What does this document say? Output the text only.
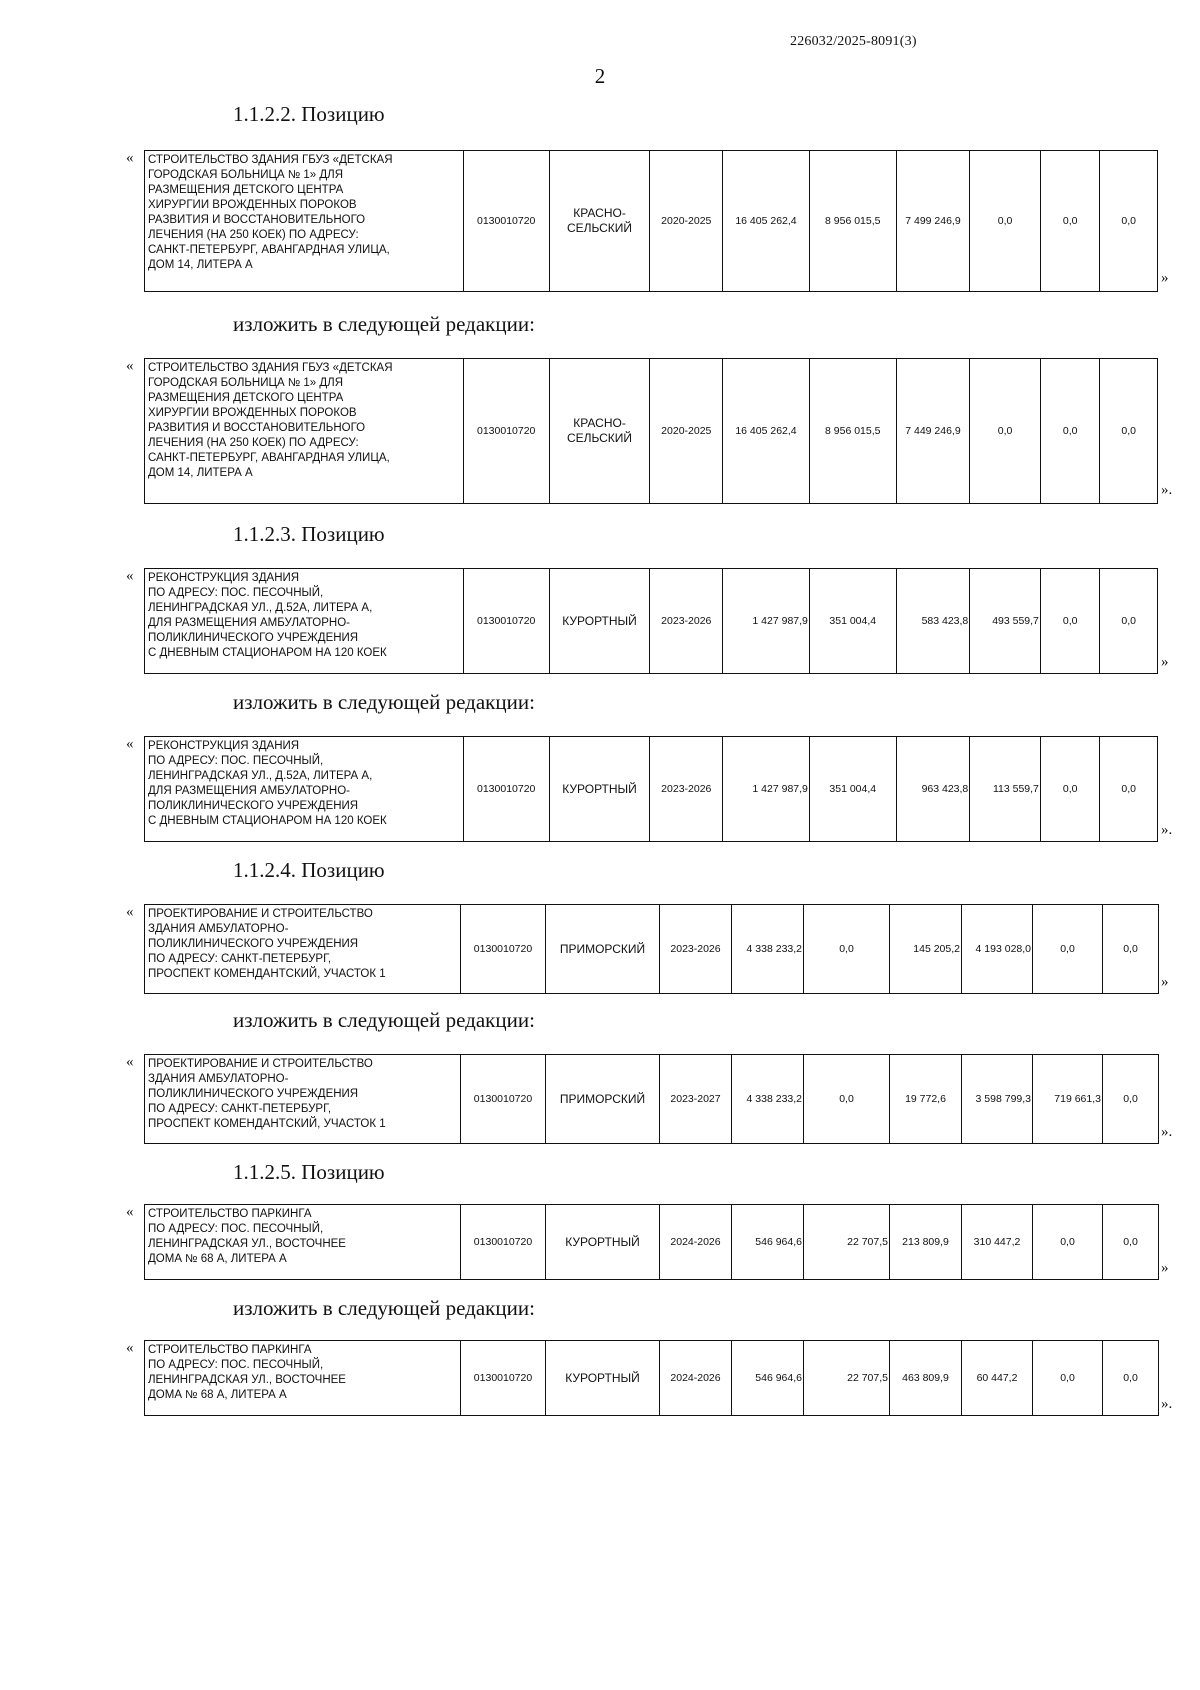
226032/2025-8091(3)
2
1.1.2.2. Позицию
« СТРОИТЕЛЬСТВО ЗДАНИЯ ГБУЗ «ДЕТСКАЯ
ГОРОДСКАЯ БОЛЬНИЦА № 1» ДЛЯ
РАЗМЕЩЕНИЯ ДЕТСКОГО ЦЕНТРА
ХИРУРГИИ ВРОЖДЕННЫХ ПОРОКОВ
РАЗВИТИЯ И ВОССТАНОВИТЕЛЬНОГО
ЛЕЧЕНИЯ (НА 250 КОЕК) ПО АДРЕСУ:
САНКТ-ПЕТЕРБУРГ, АВАНГАРДНАЯ УЛИЦА,
ДОМ 14, ЛИТЕРА А	0130010720	КРАСНО-
СЕЛЬСКИЙ	2020-2025	16 405 262,4	8 956 015,5	7 499 246,9	0,0	0,0	0,0
»
изложить в следующей редакции:
« СТРОИТЕЛЬСТВО ЗДАНИЯ ГБУЗ «ДЕТСКАЯ
ГОРОДСКАЯ БОЛЬНИЦА № 1» ДЛЯ
РАЗМЕЩЕНИЯ ДЕТСКОГО ЦЕНТРА
ХИРУРГИИ ВРОЖДЕННЫХ ПОРОКОВ
РАЗВИТИЯ И ВОССТАНОВИТЕЛЬНОГО
ЛЕЧЕНИЯ (НА 250 КОЕК) ПО АДРЕСУ:
САНКТ-ПЕТЕРБУРГ, АВАНГАРДНАЯ УЛИЦА,
ДОМ 14, ЛИТЕРА А	0130010720	КРАСНО-
СЕЛЬСКИЙ	2020-2025	16 405 262,4	8 956 015,5	7 449 246,9	0,0	0,0	0,0
».
1.1.2.3. Позицию
« РЕКОНСТРУКЦИЯ ЗДАНИЯ
ПО АДРЕСУ: ПОС. ПЕСОЧНЫЙ,
ЛЕНИНГРАДСКАЯ УЛ., Д.52А, ЛИТЕРА А,
ДЛЯ РАЗМЕЩЕНИЯ АМБУЛАТОРНО-
ПОЛИКЛИНИЧЕСКОГО УЧРЕЖДЕНИЯ
С ДНЕВНЫМ СТАЦИОНАРОМ НА 120 КОЕК	0130010720	КУРОРТНЫЙ	2023-2026	1 427 987,9	351 004,4	583 423,8	493 559,7	0,0	0,0
»
изложить в следующей редакции:
« РЕКОНСТРУКЦИЯ ЗДАНИЯ
ПО АДРЕСУ: ПОС. ПЕСОЧНЫЙ,
ЛЕНИНГРАДСКАЯ УЛ., Д.52А, ЛИТЕРА А,
ДЛЯ РАЗМЕЩЕНИЯ АМБУЛАТОРНО-
ПОЛИКЛИНИЧЕСКОГО УЧРЕЖДЕНИЯ
С ДНЕВНЫМ СТАЦИОНАРОМ НА 120 КОЕК	0130010720	КУРОРТНЫЙ	2023-2026	1 427 987,9	351 004,4	963 423,8	113 559,7	0,0	0,0
».
1.1.2.4. Позицию
« ПРОЕКТИРОВАНИЕ И СТРОИТЕЛЬСТВО
ЗДАНИЯ АМБУЛАТОРНО-
ПОЛИКЛИНИЧЕСКОГО УЧРЕЖДЕНИЯ
ПО АДРЕСУ: САНКТ-ПЕТЕРБУРГ,
ПРОСПЕКТ КОМЕНДАНТСКИЙ, УЧАСТОК 1	0130010720	ПРИМОРСКИЙ	2023-2026	4 338 233,2	0,0	145 205,2	4 193 028,0	0,0	0,0
»
изложить в следующей редакции:
« ПРОЕКТИРОВАНИЕ И СТРОИТЕЛЬСТВО
ЗДАНИЯ АМБУЛАТОРНО-
ПОЛИКЛИНИЧЕСКОГО УЧРЕЖДЕНИЯ
ПО АДРЕСУ: САНКТ-ПЕТЕРБУРГ,
ПРОСПЕКТ КОМЕНДАНТСКИЙ, УЧАСТОК 1	0130010720	ПРИМОРСКИЙ	2023-2027	4 338 233,2	0,0	19 772,6	3 598 799,3	719 661,3	0,0
».
1.1.2.5. Позицию
« СТРОИТЕЛЬСТВО ПАРКИНГА
ПО АДРЕСУ: ПОС. ПЕСОЧНЫЙ,
ЛЕНИНГРАДСКАЯ УЛ., ВОСТОЧНЕЕ
ДОМА № 68 А, ЛИТЕРА А	0130010720	КУРОРТНЫЙ	2024-2026	546 964,6	22 707,5	213 809,9	310 447,2	0,0	0,0
»
изложить в следующей редакции:
« СТРОИТЕЛЬСТВО ПАРКИНГА
ПО АДРЕСУ: ПОС. ПЕСОЧНЫЙ,
ЛЕНИНГРАДСКАЯ УЛ., ВОСТОЧНЕЕ
ДОМА № 68 А, ЛИТЕРА А	0130010720	КУРОРТНЫЙ	2024-2026	546 964,6	22 707,5	463 809,9	60 447,2	0,0	0,0
».
